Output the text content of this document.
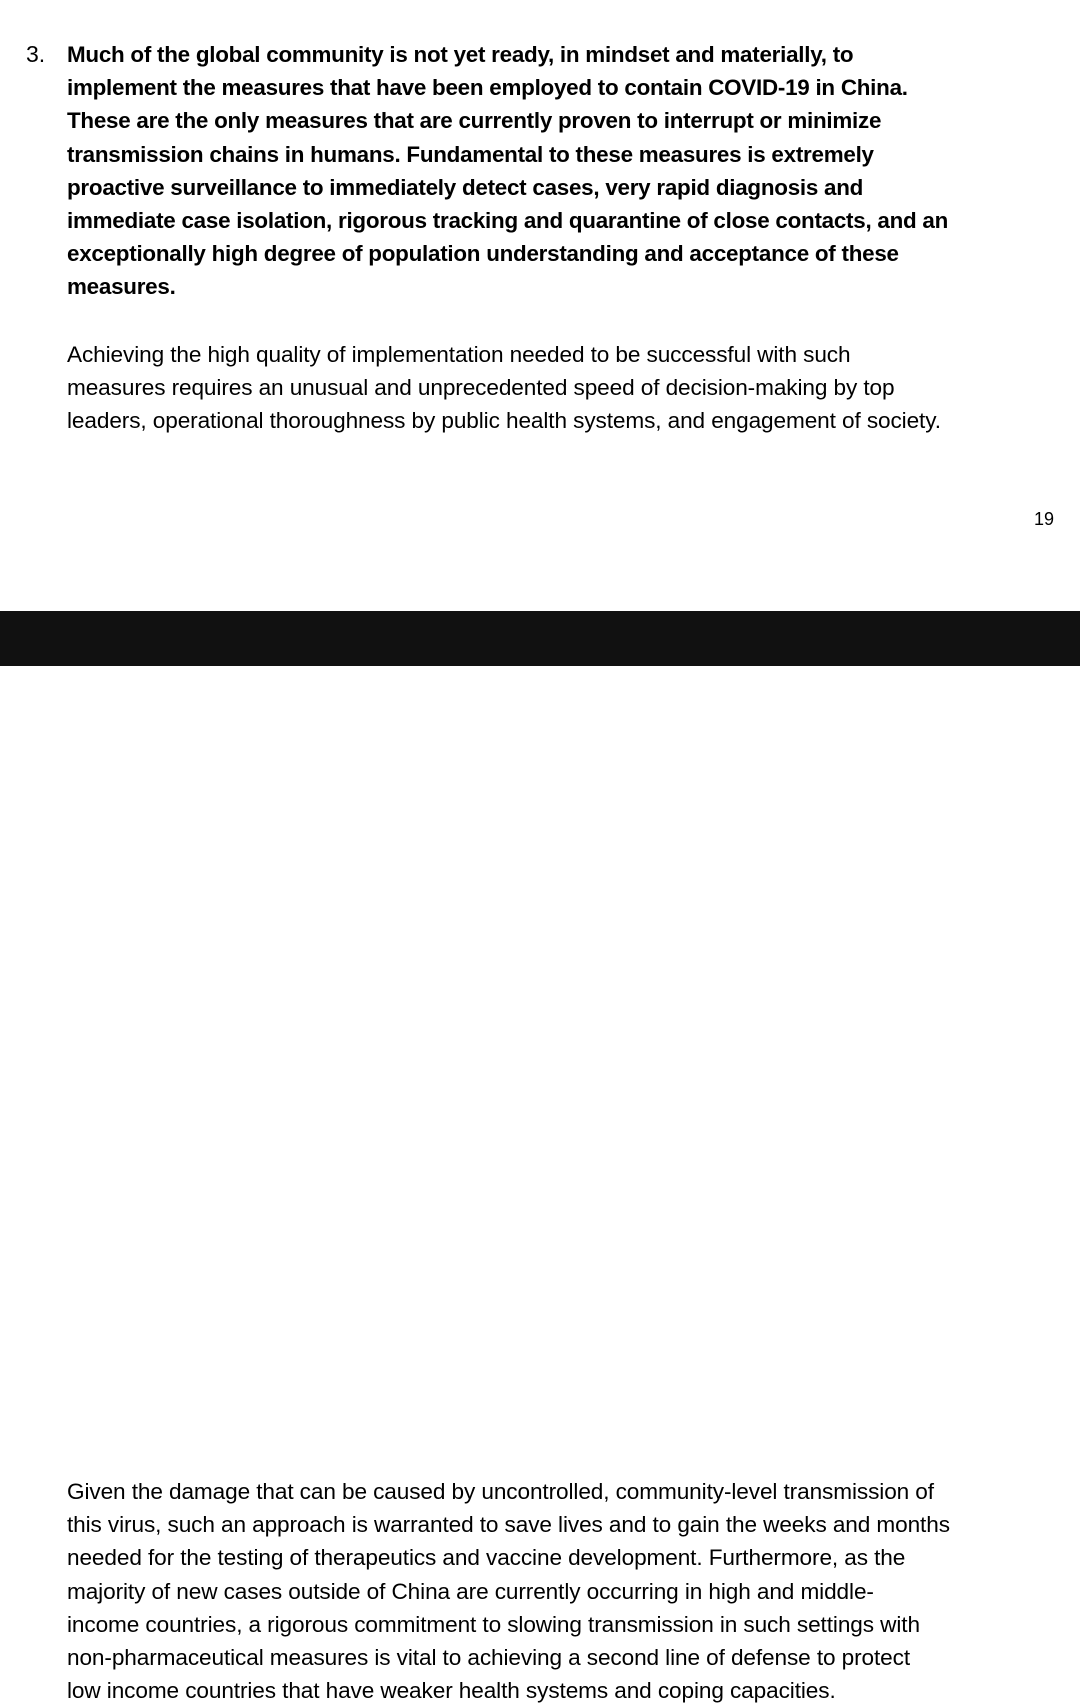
3. Much of the global community is not yet ready, in mindset and materially, to
implement the measures that have been employed to contain COVID-19 in China.
These are the only measures that are currently proven to interrupt or minimize
transmission chains in humans. Fundamental to these measures is extremely
proactive surveillance to immediately detect cases, very rapid diagnosis and
immediate case isolation, rigorous tracking and quarantine of close contacts, and an
exceptionally high degree of population understanding and acceptance of these
measures.

Achieving the high quality of implementation needed to be successful with such
measures requires an unusual and unprecedented speed of decision-making by top
leaders, operational thoroughness by public health systems, and engagement of society.

19

Given the damage that can be caused by uncontrolled, community-level transmission of
this virus, such an approach is warranted to save lives and to gain the weeks and months
needed for the testing of therapeutics and vaccine development. Furthermore, as the
majority of new cases outside of China are currently occurring in high and middle-
income countries, a rigorous commitment to slowing transmission in such settings with
non-pharmaceutical measures is vital to achieving a second line of defense to protect
low income countries that have weaker health systems and coping capacities.
